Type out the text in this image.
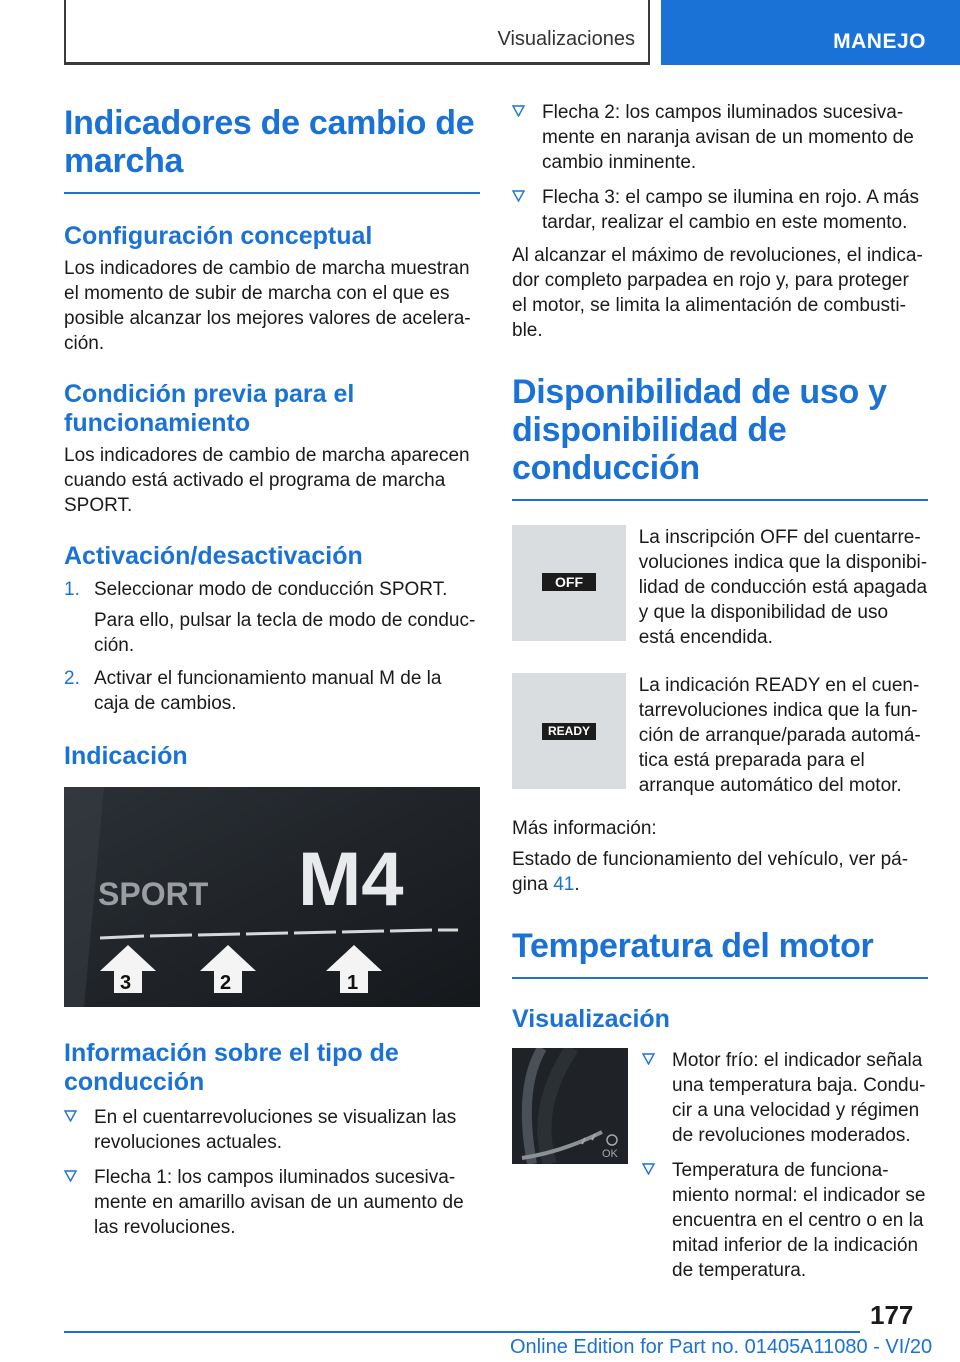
Visualizaciones	MANEJO
Indicadores de cambio de marcha
Configuración conceptual

Los indicadores de cambio de marcha muestran el momento de subir de marcha con el que es posible alcanzar los mejores valores de aceleración.

Condición previa para el funcionamiento

Los indicadores de cambio de marcha aparecen cuando está activado el programa de marcha SPORT.

Activación/desactivación
1. Seleccionar modo de conducción SPORT.
Para ello, pulsar la tecla de modo de conducción.
2. Activar el funcionamiento manual M de la caja de cambios.
Indicación
SPORT M4
3	2	1
Información sobre el tipo de conducción
En el cuentarrevoluciones se visualizan las revoluciones actuales.
Flecha 1: los campos iluminados sucesivamente en amarillo avisan de un aumento de las revoluciones.
Flecha 2: los campos iluminados sucesivamente en naranja avisan de un momento de cambio inminente.
Flecha 3: el campo se ilumina en rojo. A más tardar, realizar el cambio en este momento.

Al alcanzar el máximo de revoluciones, el indicador completo parpadea en rojo y, para proteger el motor, se limita la alimentación de combustible.

Disponibilidad de uso y disponibilidad de conducción
OFF

La inscripción OFF del cuentarrevoluciones indica que la disponibilidad de conducción está apagada y que la disponibilidad de uso está encendida.

READY

La indicación READY en el cuentarrevoluciones indica que la función de arranque/parada automática está preparada para el arranque automático del motor.

Más información:

Estado de funcionamiento del vehículo, ver página 41.

Temperatura del motor
Visualización
OK
Motor frío: el indicador señala una temperatura baja. Conducir a una velocidad y régimen de revoluciones moderados.
Temperatura de funcionamiento normal: el indicador se encuentra en el centro o en la mitad inferior de la indicación de temperatura.
177
Online Edition for Part no. 01405A11080 - VI/20
